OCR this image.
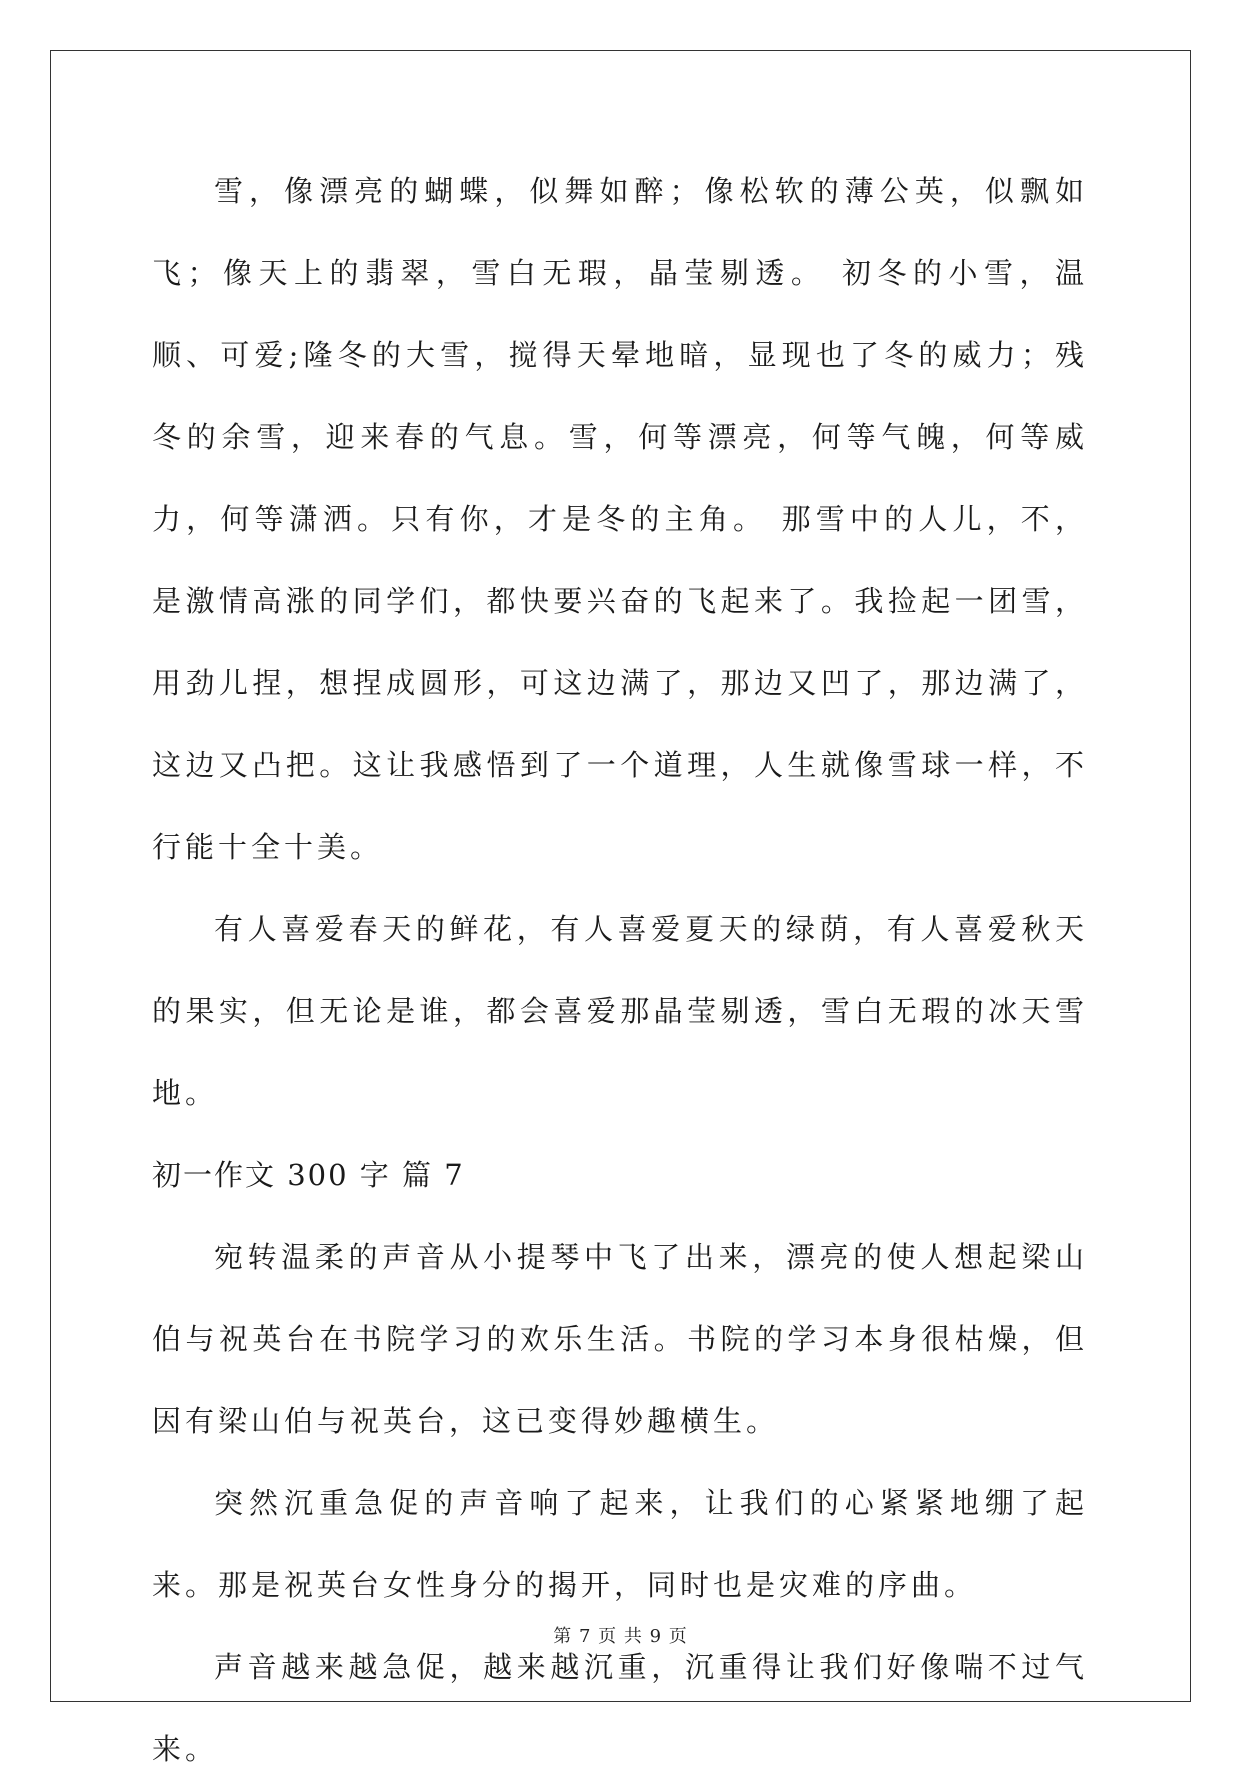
雪，像漂亮的蝴蝶，似舞如醉；像松软的薄公英，似飘如飞；像天上的翡翠，雪白无瑕，晶莹剔透。 初冬的小雪，温顺、可爱;隆冬的大雪，搅得天晕地暗，显现也了冬的威力；残冬的余雪，迎来春的气息。雪，何等漂亮，何等气魄，何等威力，何等潇洒。只有你，才是冬的主角。 那雪中的人儿，不，是激情高涨的同学们，都快要兴奋的飞起来了。我捡起一团雪，用劲儿捏，想捏成圆形，可这边满了，那边又凹了，那边满了，这边又凸把。这让我感悟到了一个道理，人生就像雪球一样，不行能十全十美。

有人喜爱春天的鲜花，有人喜爱夏天的绿荫，有人喜爱秋天的果实，但无论是谁，都会喜爱那晶莹剔透，雪白无瑕的冰天雪地。

初一作文 300 字 篇 7

宛转温柔的声音从小提琴中飞了出来，漂亮的使人想起梁山伯与祝英台在书院学习的欢乐生活。书院的学习本身很枯燥，但因有梁山伯与祝英台，这已变得妙趣横生。

突然沉重急促的声音响了起来，让我们的心紧紧地绷了起来。那是祝英台女性身分的揭开，同时也是灾难的序曲。

声音越来越急促，越来越沉重，沉重得让我们好像喘不过气来。

第 7 页 共 9 页
